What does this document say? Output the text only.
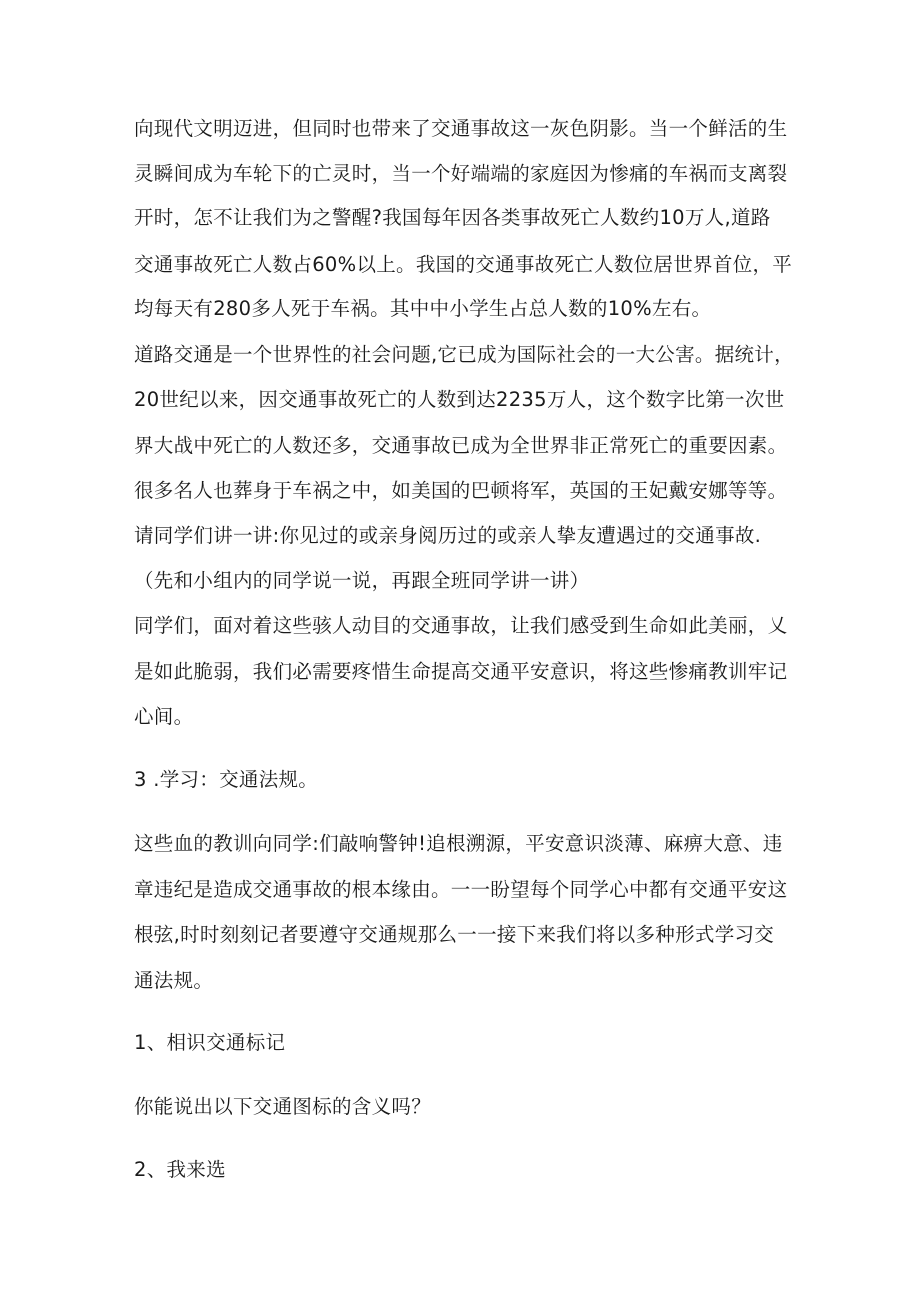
向现代文明迈进，但同时也带来了交通事故这一灰色阴影。当一个鲜活的生
灵瞬间成为车轮下的亡灵时，当一个好端端的家庭因为惨痛的车祸而支离裂
开时，怎不让我们为之警醒?我国每年因各类事故死亡人数约10万人,道路
交通事故死亡人数占60%以上。我国的交通事故死亡人数位居世界首位，平
均每天有280多人死于车祸。其中中小学生占总人数的10%左右。
道路交通是一个世界性的社会问题,它已成为国际社会的一大公害。据统计，
20世纪以来，因交通事故死亡的人数到达2235万人，这个数字比第一次世
界大战中死亡的人数还多，交通事故已成为全世界非正常死亡的重要因素。
很多名人也葬身于车祸之中，如美国的巴顿将军，英国的王妃戴安娜等等。
请同学们讲一讲:你见过的或亲身阅历过的或亲人挚友遭遇过的交通事故.
（先和小组内的同学说一说，再跟全班同学讲一讲）
同学们，面对着这些骇人动目的交通事故，让我们感受到生命如此美丽，乂
是如此脆弱，我们必需要疼惜生命提高交通平安意识，将这些惨痛教训牢记
心间。
3 .学习：交通法规。
这些血的教训向同学:们敲响警钟!追根溯源，平安意识淡薄、麻痹大意、违
章违纪是造成交通事故的根本缘由。一一盼望每个同学心中都有交通平安这
根弦,时时刻刻记者要遵守交通规那么一一接下来我们将以多种形式学习交
通法规。
1、相识交通标记
你能说出以下交通图标的含义吗？
2、我来选
